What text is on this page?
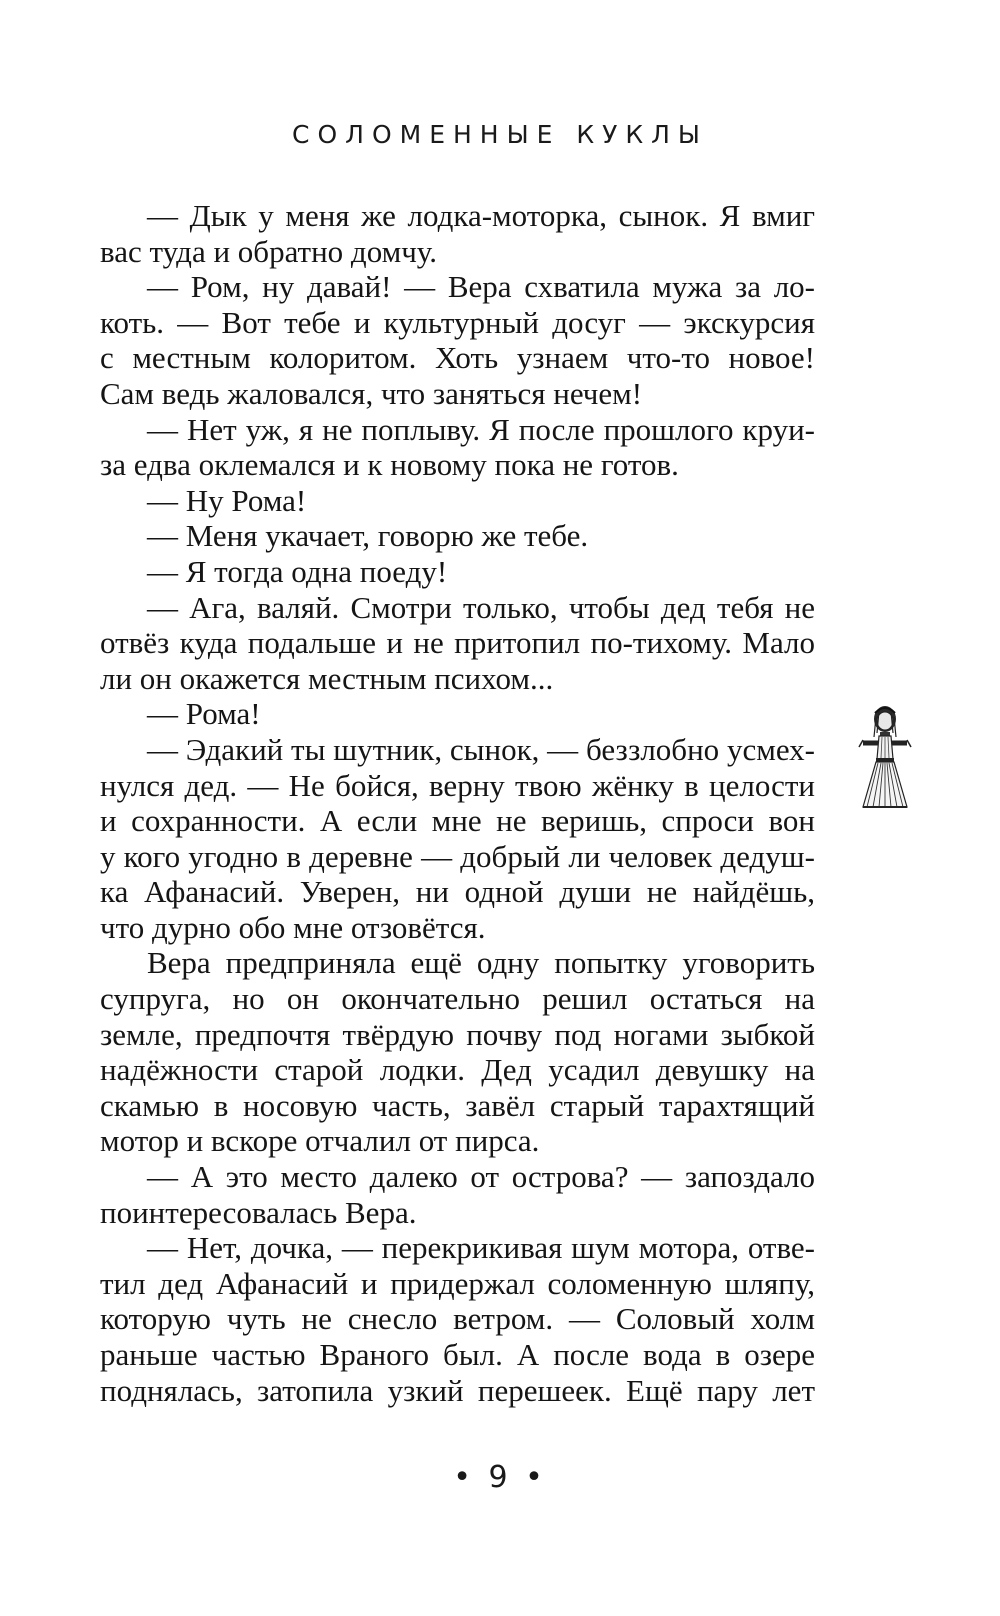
СОЛОМЕННЫЕ КУКЛЫ
— Дык у меня же лодка-моторка, сынок. Я вмиг
вас туда и обратно домчу.
— Ром, ну давай! — Вера схватила мужа за ло-
коть. — Вот тебе и культурный досуг — экскурсия
с местным колоритом. Хоть узнаем что-то новое!
Сам ведь жаловался, что заняться нечем!
— Нет уж, я не поплыву. Я после прошлого круи-
за едва оклемался и к новому пока не готов.
— Ну Рома!
— Меня укачает, говорю же тебе.
— Я тогда одна поеду!
— Ага, валяй. Смотри только, чтобы дед тебя не
отвёз куда подальше и не притопил по-тихому. Мало
ли он окажется местным психом...
— Рома!
— Эдакий ты шутник, сынок, — беззлобно усмех-
нулся дед. — Не бойся, верну твою жёнку в целости
и сохранности. А если мне не веришь, спроси вон
у кого угодно в деревне — добрый ли человек дедуш-
ка Афанасий. Уверен, ни одной души не найдёшь,
что дурно обо мне отзовётся.
Вера предприняла ещё одну попытку уговорить
супруга, но он окончательно решил остаться на
земле, предпочтя твёрдую почву под ногами зыбкой
надёжности старой лодки. Дед усадил девушку на
скамью в носовую часть, завёл старый тарахтящий
мотор и вскоре отчалил от пирса.
— А это место далеко от острова? — запоздало
поинтересовалась Вера.
— Нет, дочка, — перекрикивая шум мотора, отве-
тил дед Афанасий и придержал соломенную шляпу,
которую чуть не снесло ветром. — Соловый холм
раньше частью Враного был. А после вода в озере
поднялась, затопила узкий перешеек. Ещё пару лет
• 9 •
